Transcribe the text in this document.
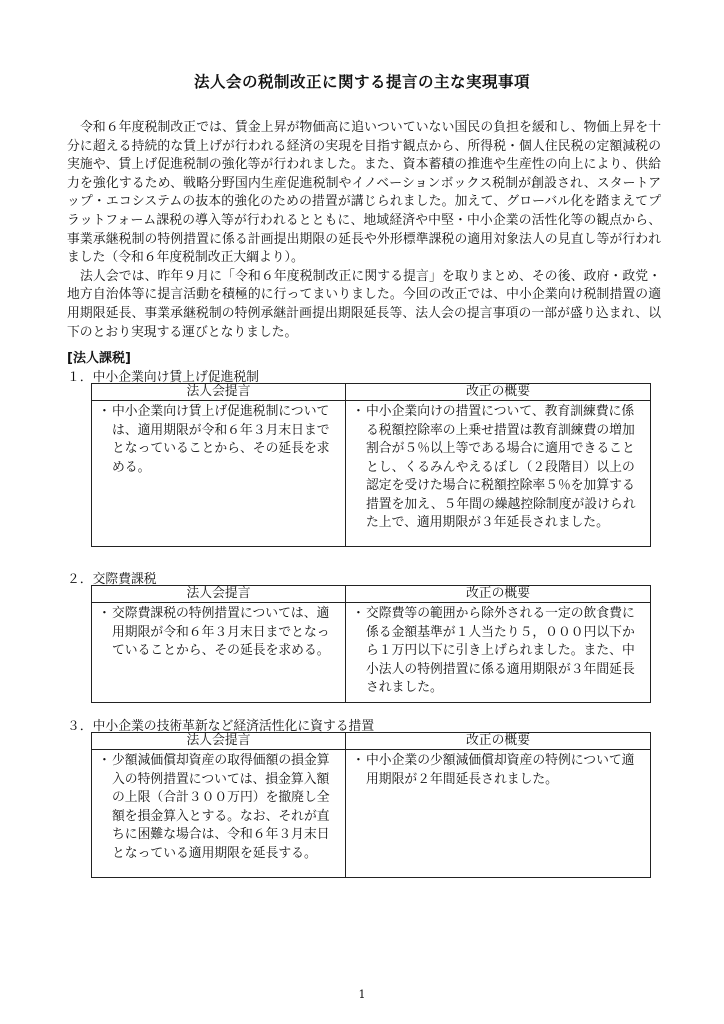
法人会の税制改正に関する提言の主な実現事項

令和６年度税制改正では、賃金上昇が物価高に追いついていない国民の負担を緩和し、物価上昇を十分に超える持続的な賃上げが行われる経済の実現を目指す観点から、所得税・個人住民税の定額減税の実施や、賃上げ促進税制の強化等が行われました。また、資本蓄積の推進や生産性の向上により、供給力を強化するため、戦略分野国内生産促進税制やイノベーションボックス税制が創設され、スタートアップ・エコシステムの抜本的強化のための措置が講じられました。加えて、グローバル化を踏まえてプラットフォーム課税の導入等が行われるとともに、地域経済や中堅・中小企業の活性化等の観点から、事業承継税制の特例措置に係る計画提出期限の延長や外形標準課税の適用対象法人の見直し等が行われました（令和６年度税制改正大綱より）。

法人会では、昨年９月に「令和６年度税制改正に関する提言」を取りまとめ、その後、政府・政党・地方自治体等に提言活動を積極的に行ってまいりました。今回の改正では、中小企業向け税制措置の適用期限延長、事業承継税制の特例承継計画提出期限延長等、法人会の提言事項の一部が盛り込まれ、以下のとおり実現する運びとなりました。

[法人課税]
１．中小企業向け賃上げ促進税制
法人会提言	改正の概要

・ 中小企業向け賃上げ促進税制については、適用期限が令和６年３月末日までとなっていることから、その延長を求める。	・ 中小企業向けの措置について、教育訓練費に係る税額控除率の上乗せ措置は教育訓練費の増加割合が５％以上等である場合に適用できることとし、くるみんやえるぼし（２段階目）以上の認定を受けた場合に税額控除率５％を加算する措置を加え、５年間の繰越控除制度が設けられた上で、適用期限が３年延長されました。
２．交際費課税
法人会提言	改正の概要

・ 交際費課税の特例措置については、適用期限が令和６年３月末日までとなっていることから、その延長を求める。	・ 交際費等の範囲から除外される一定の飲食費に係る金額基準が１人当たり５，０００円以下から１万円以下に引き上げられました。また、中小法人の特例措置に係る適用期限が３年間延長されました。
３．中小企業の技術革新など経済活性化に資する措置
法人会提言	改正の概要

・ 少額減価償却資産の取得価額の損金算入の特例措置については、損金算入額の上限（合計３００万円）を撤廃し全額を損金算入とする。なお、それが直ちに困難な場合は、令和６年３月末日となっている適用期限を延長する。	・ 中小企業の少額減価償却資産の特例について適用期限が２年間延長されました。
1
